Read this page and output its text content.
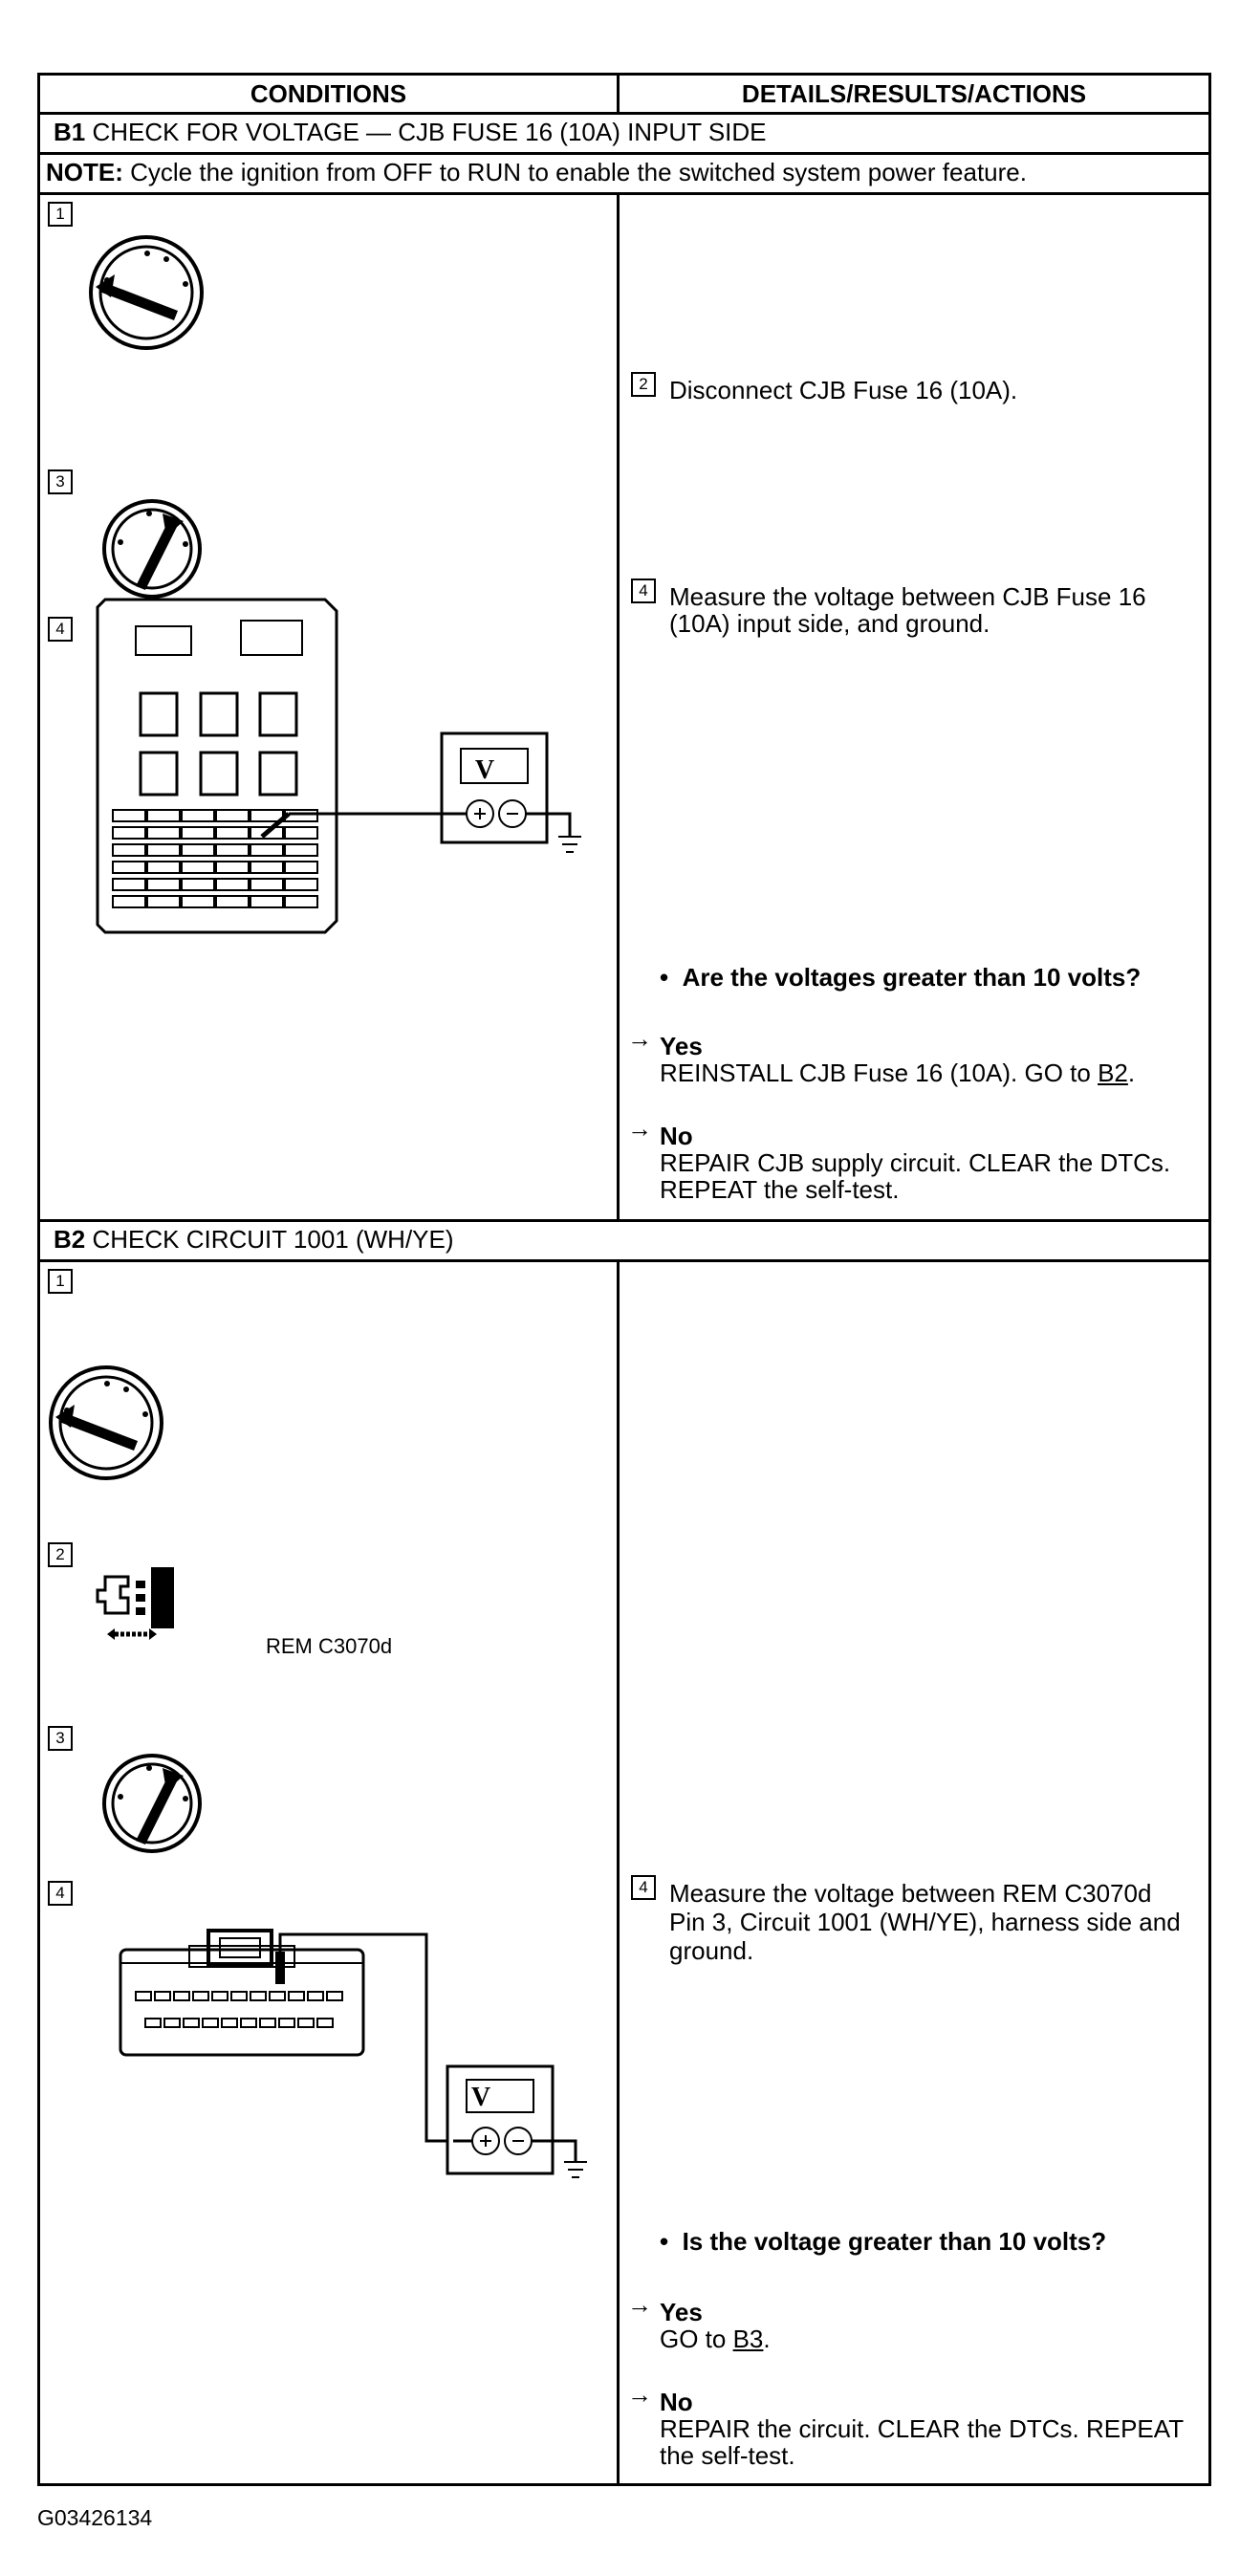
CONDITIONS	DETAILS/RESULTS/ACTIONS
B1 CHECK FOR VOLTAGE — CJB FUSE 16 (10A) INPUT SIDE
NOTE: Cycle the ignition from OFF to RUN to enable the switched system power feature.
1
3
4
V
2 Disconnect CJB Fuse 16 (10A).
4 Measure the voltage between CJB Fuse 16
(10A) input side, and ground.
• Are the voltages greater than 10 volts?
→ Yes
REINSTALL CJB Fuse 16 (10A). GO to B2.
→ No
REPAIR CJB supply circuit. CLEAR the DTCs.
REPEAT the self-test.
B2 CHECK CIRCUIT 1001 (WH/YE)
1
2
3
4
REM C3070d
V
4 Measure the voltage between REM C3070d
Pin 3, Circuit 1001 (WH/YE), harness side and
ground.
• Is the voltage greater than 10 volts?
→ Yes
GO to B3.
→ No
REPAIR the circuit. CLEAR the DTCs. REPEAT
the self-test.
G03426134
